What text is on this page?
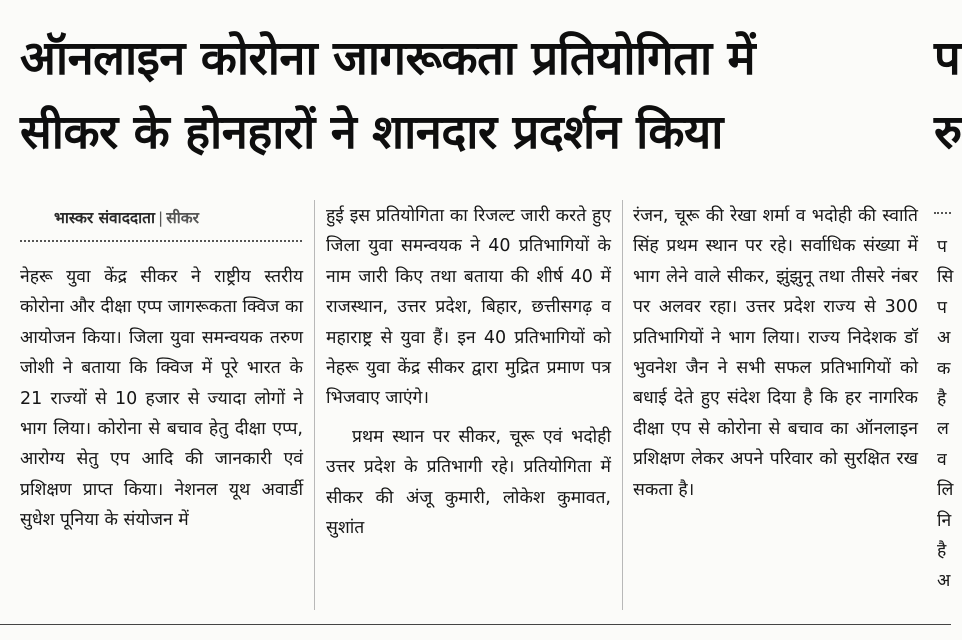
ऑनलाइन कोरोना जागरूकता प्रतियोगिता में
सीकर के होनहारों ने शानदार प्रदर्शन किया
प
रु
भास्कर संवाददाता | सीकर

नेहरू युवा केंद्र सीकर ने राष्ट्रीय स्तरीय कोरोना और दीक्षा एप्प जागरूकता क्विज का आयोजन किया। जिला युवा समन्वयक तरुण जोशी ने बताया कि क्विज में पूरे भारत के 21 राज्यों से 10 हजार से ज्यादा लोगों ने भाग लिया। कोरोना से बचाव हेतु दीक्षा एप्प, आरोग्य सेतु एप आदि की जानकारी एवं प्रशिक्षण प्राप्त किया। नेशनल यूथ अवार्डी सुधेश पूनिया के संयोजन में

हुई इस प्रतियोगिता का रिजल्ट जारी करते हुए जिला युवा समन्वयक ने 40 प्रतिभागियों के नाम जारी किए तथा बताया की शीर्ष 40 में राजस्थान, उत्तर प्रदेश, बिहार, छत्तीसगढ़ व महाराष्ट्र से युवा हैं। इन 40 प्रतिभागियों को नेहरू युवा केंद्र सीकर द्वारा मुद्रित प्रमाण पत्र भिजवाए जाएंगे।

प्रथम स्थान पर सीकर, चूरू एवं भदोही उत्तर प्रदेश के प्रतिभागी रहे। प्रतियोगिता में सीकर की अंजू कुमारी, लोकेश कुमावत, सुशांत

रंजन, चूरू की रेखा शर्मा व भदोही की स्वाति सिंह प्रथम स्थान पर रहे। सर्वाधिक संख्या में भाग लेने वाले सीकर, झुंझुनू तथा तीसरे नंबर पर अलवर रहा। उत्तर प्रदेश राज्य से 300 प्रतिभागियों ने भाग लिया। राज्य निदेशक डॉ भुवनेश जैन ने सभी सफल प्रतिभागियों को बधाई देते हुए संदेश दिया है कि हर नागरिक दीक्षा एप से कोरोना से बचाव का ऑनलाइन प्रशिक्षण लेकर अपने परिवार को सुरक्षित रख सकता है।

प
सि
प
अ
क
है
ल
व
लि
नि
है
अ
